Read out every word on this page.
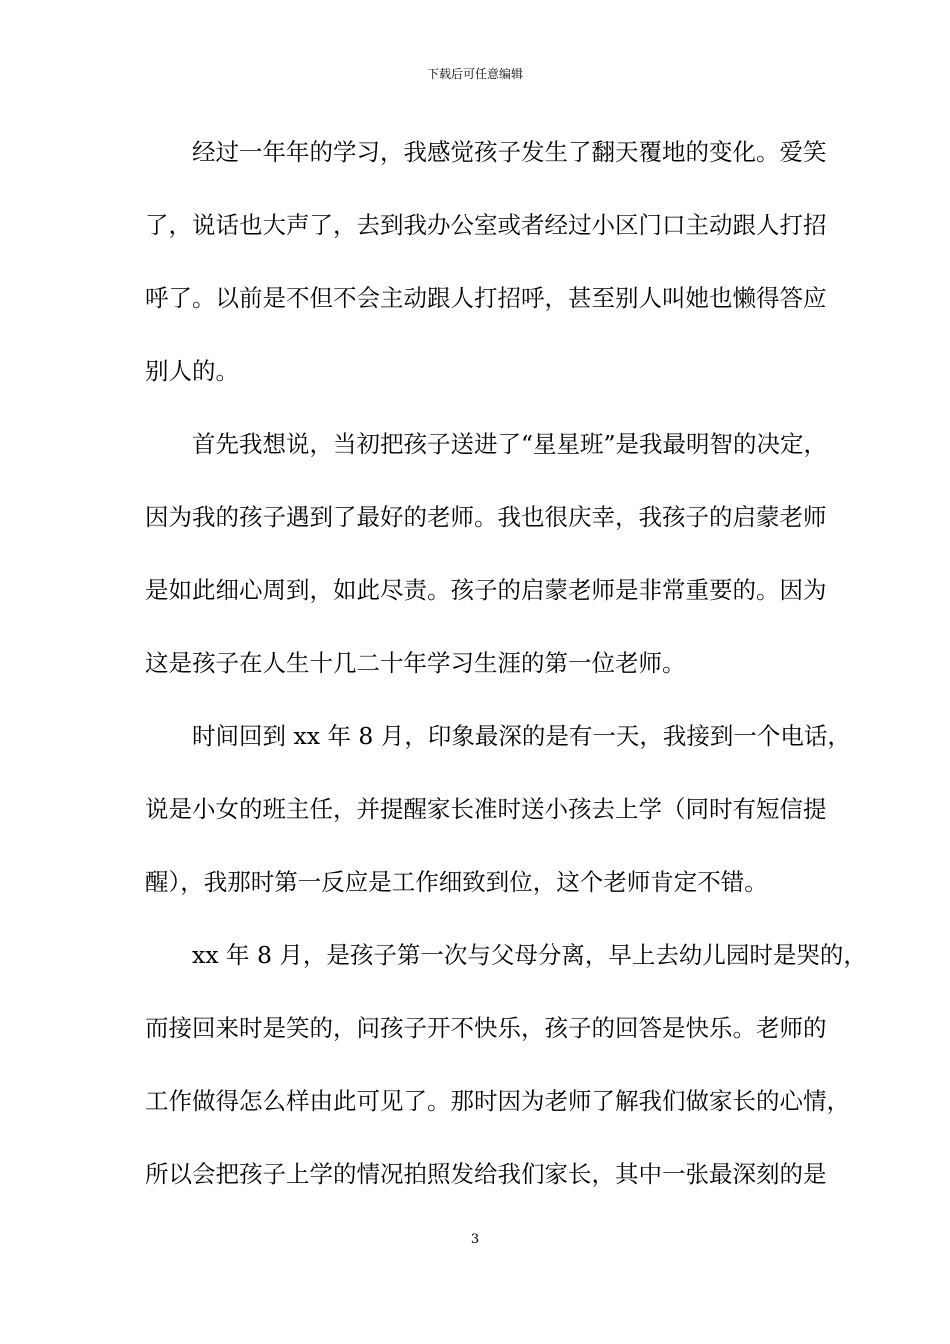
下载后可任意编辑
经过一年年的学习，我感觉孩子发生了翻天覆地的变化。爱笑
了，说话也大声了，去到我办公室或者经过小区门口主动跟人打招
呼了。以前是不但不会主动跟人打招呼，甚至别人叫她也懒得答应
别人的。
首先我想说，当初把孩子送进了“星星班”是我最明智的决定，
因为我的孩子遇到了最好的老师。我也很庆幸，我孩子的启蒙老师
是如此细心周到，如此尽责。孩子的启蒙老师是非常重要的。因为
这是孩子在人生十几二十年学习生涯的第一位老师。
时间回到 xx 年 8 月，印象最深的是有一天，我接到一个电话，
说是小女的班主任，并提醒家长准时送小孩去上学（同时有短信提
醒），我那时第一反应是工作细致到位，这个老师肯定不错。
xx 年 8 月，是孩子第一次与父母分离，早上去幼儿园时是哭的，
而接回来时是笑的，问孩子开不快乐，孩子的回答是快乐。老师的
工作做得怎么样由此可见了。那时因为老师了解我们做家长的心情，
所以会把孩子上学的情况拍照发给我们家长，其中一张最深刻的是
3
